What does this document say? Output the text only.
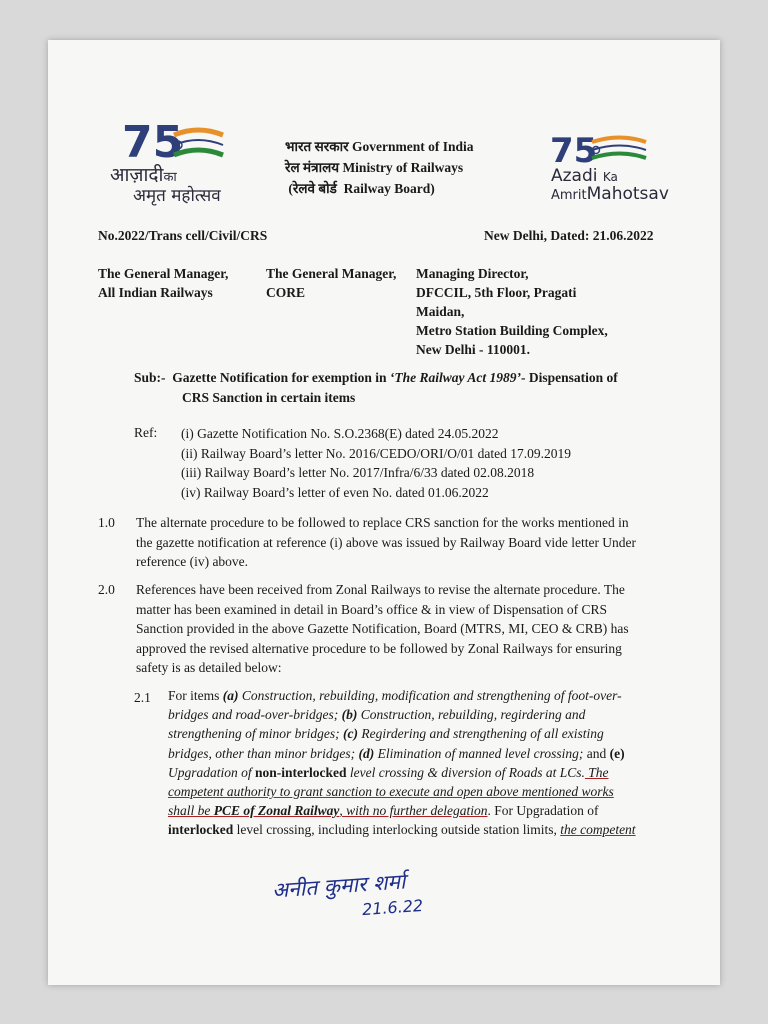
75
आज़ादीका
अमृत महोत्सव
75
Azadi Ka
AmritMahotsav
भारत सरकार Government of India
रेल मंत्रालय Ministry of Railways
(रेलवे बोर्ड Railway Board)
No.2022/Trans cell/Civil/CRS	New Delhi, Dated: 21.06.2022
The General Manager,
All Indian Railways
The General Manager,
CORE
Managing Director,
DFCCIL, 5th Floor, Pragati
Maidan,
Metro Station Building Complex,
New Delhi - 110001.
Sub:- Gazette Notification for exemption in ‘The Railway Act 1989’- Dispensation of
CRS Sanction in certain items
Ref: (i) Gazette Notification No. S.O.2368(E) dated 24.05.2022
(ii) Railway Board’s letter No. 2016/CEDO/ORI/O/01 dated 17.09.2019
(iii) Railway Board’s letter No. 2017/Infra/6/33 dated 02.08.2018
(iv) Railway Board’s letter of even No. dated 01.06.2022
1.0 The alternate procedure to be followed to replace CRS sanction for the works mentioned in
the gazette notification at reference (i) above was issued by Railway Board vide letter Under
reference (iv) above.
2.0 References have been received from Zonal Railways to revise the alternate procedure. The
matter has been examined in detail in Board’s office & in view of Dispensation of CRS
Sanction provided in the above Gazette Notification, Board (MTRS, MI, CEO & CRB) has
approved the revised alternative procedure to be followed by Zonal Railways for ensuring
safety is as detailed below:
2.1 For items (a) Construction, rebuilding, modification and strengthening of foot-over-
bridges and road-over-bridges; (b) Construction, rebuilding, regirdering and
strengthening of minor bridges; (c) Regirdering and strengthening of all existing
bridges, other than minor bridges; (d) Elimination of manned level crossing; and (e)
Upgradation of non-interlocked level crossing & diversion of Roads at LCs. The
competent authority to grant sanction to execute and open above mentioned works
shall be PCE of Zonal Railway, with no further delegation. For Upgradation of
interlocked level crossing, including interlocking outside station limits, the competent
अनीत कुमार शर्मा
21.6.22
